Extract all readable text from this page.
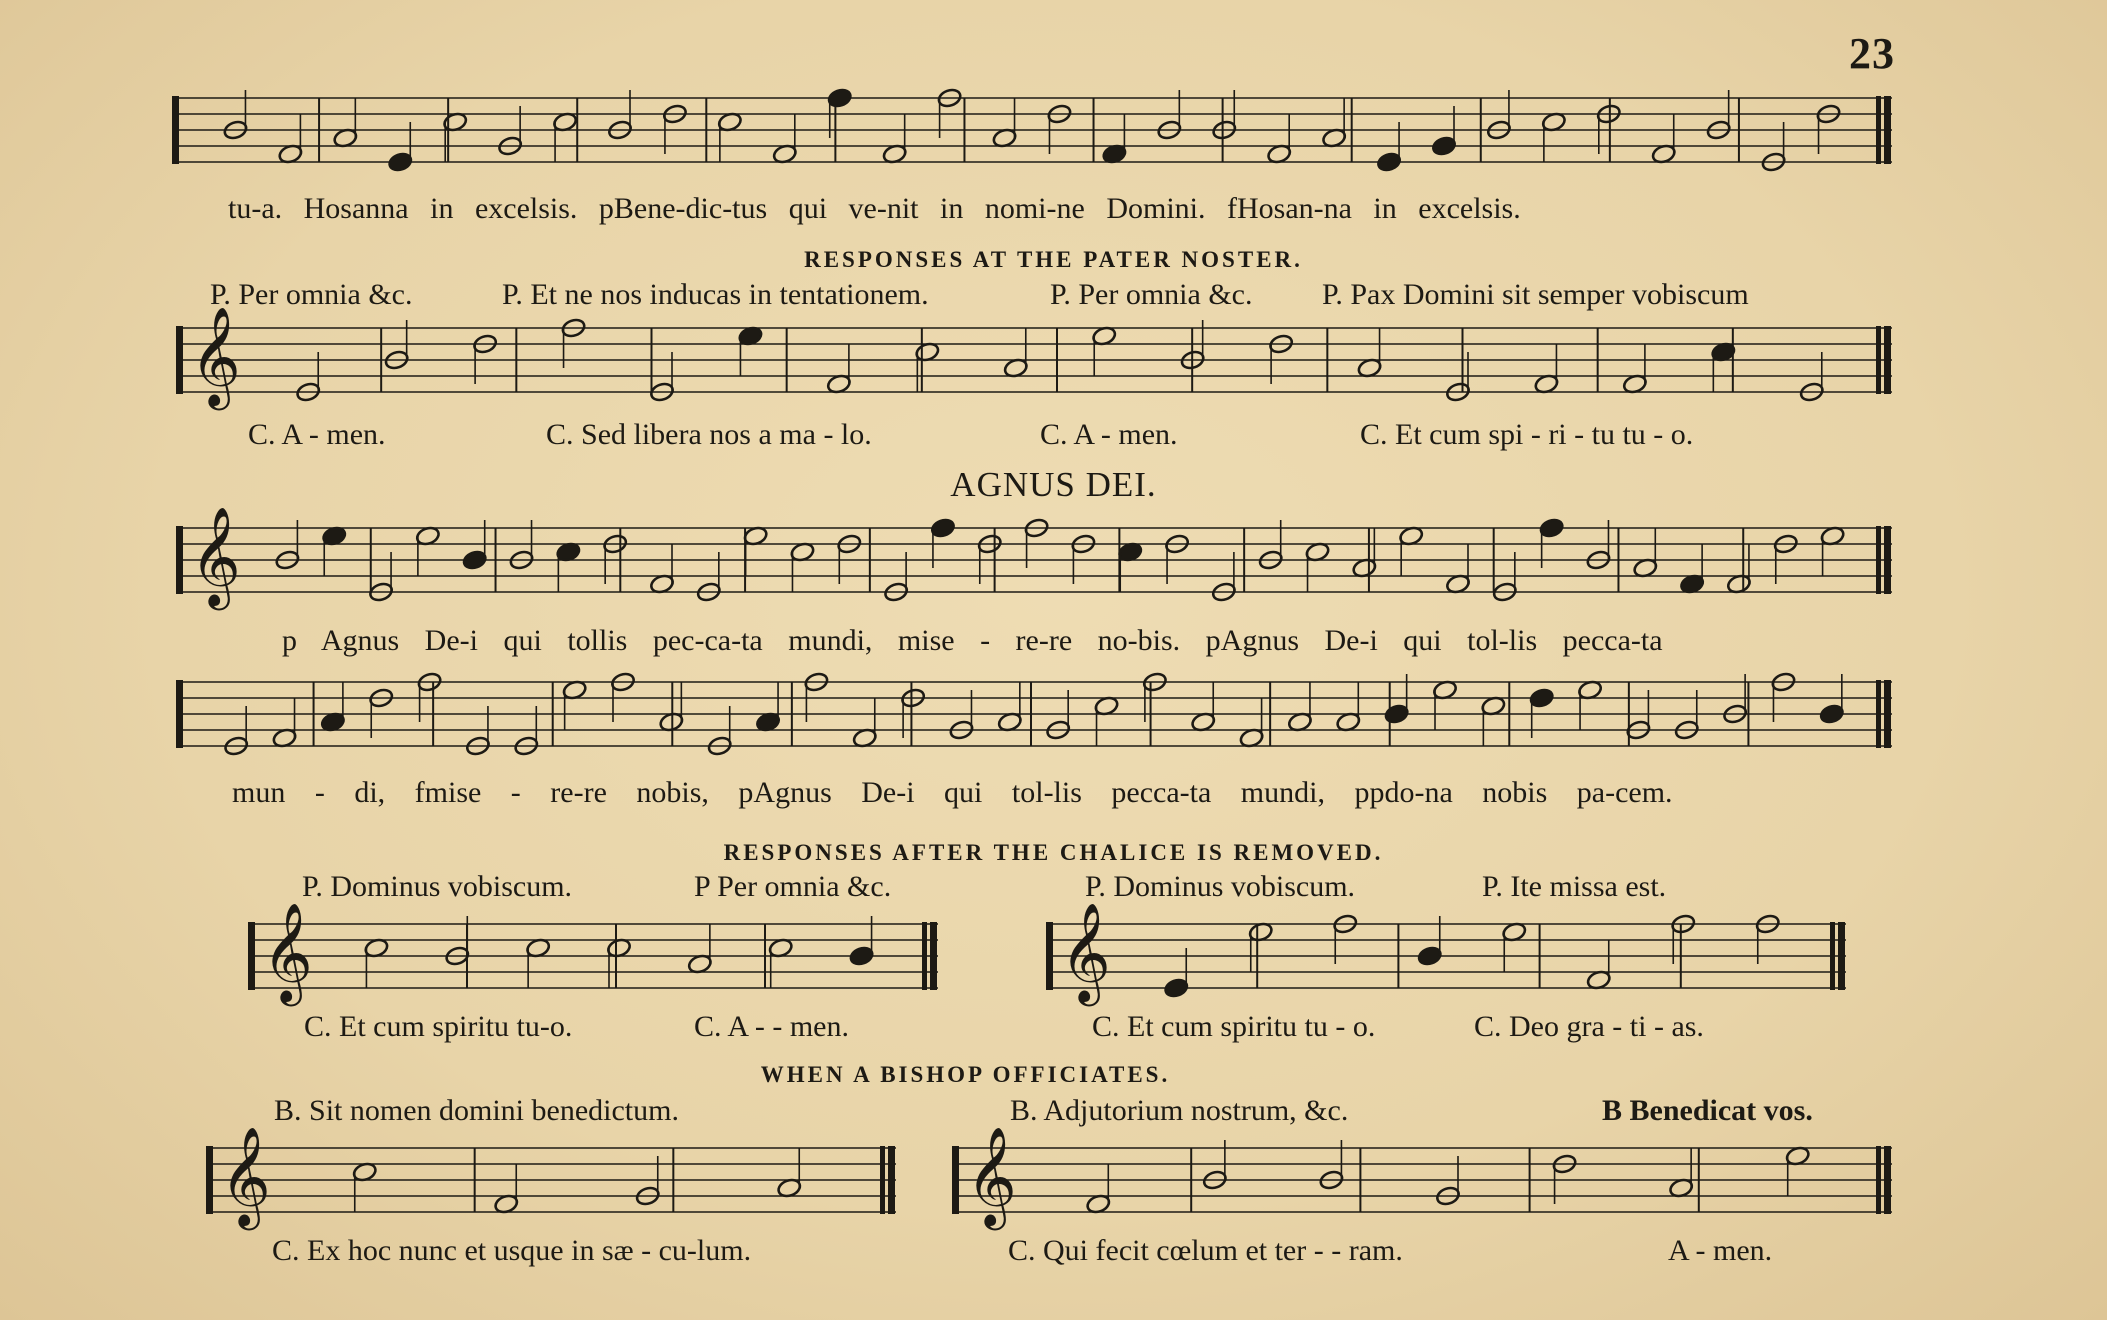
23
tu-a. Hosanna in excelsis. pBene-dic-tus qui ve-nit in nomi-ne Domini. fHosan-na in excelsis.
RESPONSES AT THE PATER NOSTER.
P. Per omnia &c.	P. Et ne nos inducas in tentationem.	P. Per omnia &c. P. Pax Domini sit semper vobiscum
𝄞
C. A - men.	C. Sed libera nos a ma - lo.	C. A - men.	C. Et cum spi - ri - tu tu - o.
AGNUS DEI.
𝄞
p Agnus De-i qui tollis pec-ca-ta mundi, mise - re-re no-bis. pAgnus De-i qui tol-lis pecca-ta
mun - di, fmise - re-re nobis, pAgnus De-i qui tol-lis pecca-ta mundi, ppdo-na nobis pa-cem.
RESPONSES AFTER THE CHALICE IS REMOVED.
P. Dominus vobiscum.	P Per omnia &c.	P. Dominus vobiscum.	P. Ite missa est.
𝄞	𝄞
C. Et cum spiritu tu-o.	C. A - - men.	C. Et cum spiritu tu - o.	C. Deo gra - ti - as.
WHEN A BISHOP OFFICIATES.
B. Sit nomen domini benedictum.	B. Adjutorium nostrum, &c.	B Benedicat vos.
𝄞	𝄞
C. Ex hoc nunc et usque in sæ - cu-lum.	C. Qui fecit cœlum et ter - - ram.	A - men.
